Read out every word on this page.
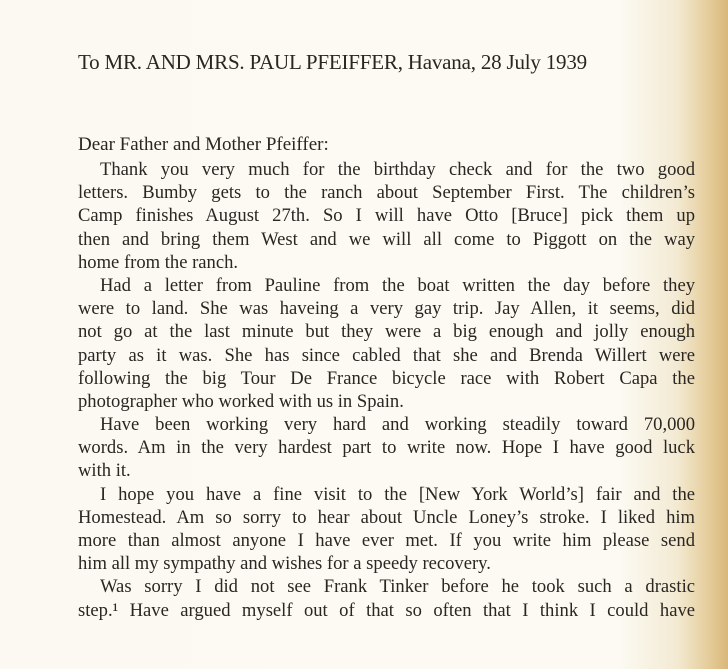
To MR. AND MRS. PAUL PFEIFFER, Havana, 28 July 1939
Dear Father and Mother Pfeiffer:
Thank you very much for the birthday check and for the two good
letters. Bumby gets to the ranch about September First. The children’s
Camp finishes August 27th. So I will have Otto [Bruce] pick them up
then and bring them West and we will all come to Piggott on the way
home from the ranch.
Had a letter from Pauline from the boat written the day before they
were to land. She was haveing a very gay trip. Jay Allen, it seems, did
not go at the last minute but they were a big enough and jolly enough
party as it was. She has since cabled that she and Brenda Willert were
following the big Tour De France bicycle race with Robert Capa the
photographer who worked with us in Spain.
Have been working very hard and working steadily toward 70,000
words. Am in the very hardest part to write now. Hope I have good luck
with it.
I hope you have a fine visit to the [New York World’s] fair and the
Homestead. Am so sorry to hear about Uncle Loney’s stroke. I liked him
more than almost anyone I have ever met. If you write him please send
him all my sympathy and wishes for a speedy recovery.
Was sorry I did not see Frank Tinker before he took such a drastic
step.¹ Have argued myself out of that so often that I think I could have
